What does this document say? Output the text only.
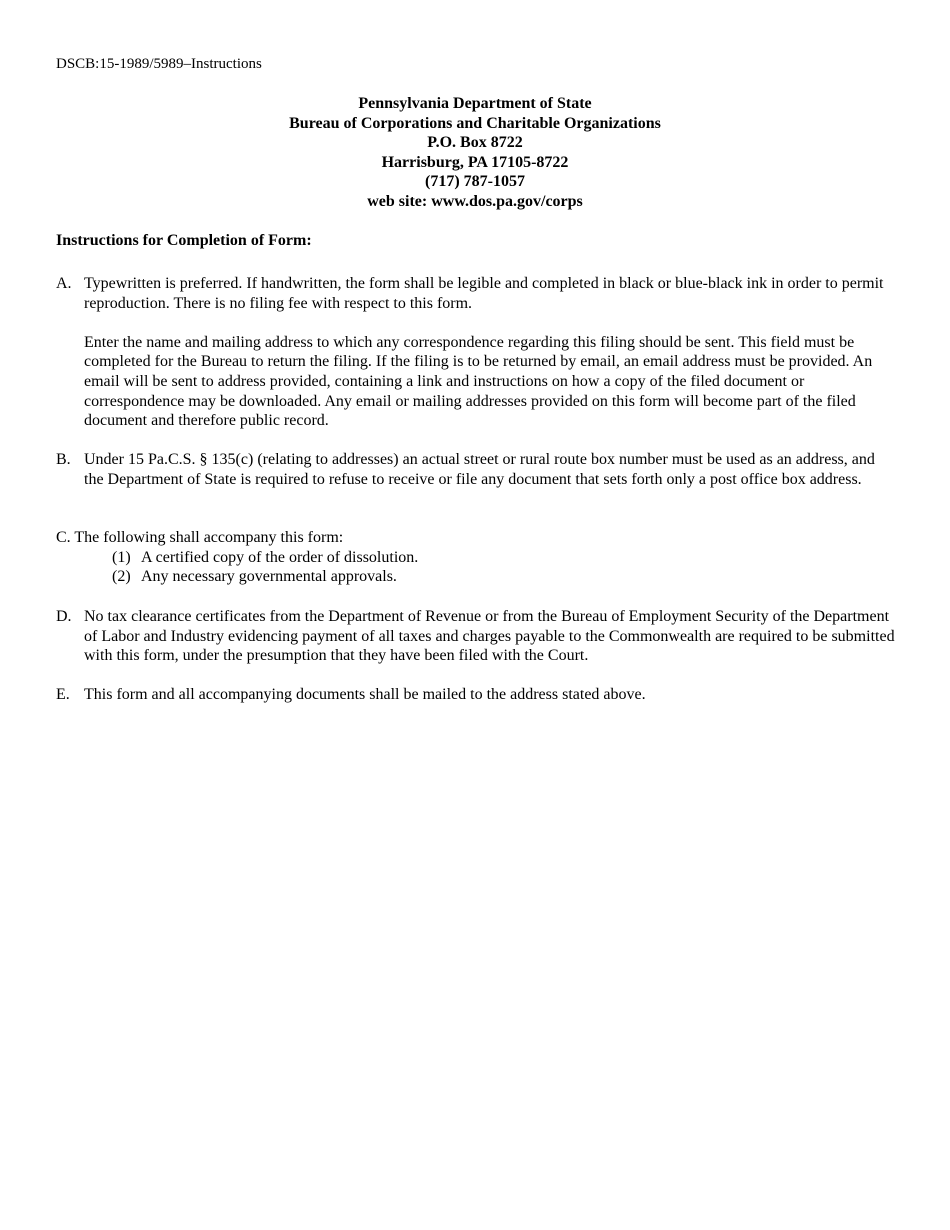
DSCB:15-1989/5989–Instructions
Pennsylvania Department of State
Bureau of Corporations and Charitable Organizations
P.O. Box 8722
Harrisburg, PA 17105-8722
(717) 787-1057
web site: www.dos.pa.gov/corps
Instructions for Completion of Form:
A. Typewritten is preferred. If handwritten, the form shall be legible and completed in black or blue-black ink in order to permit reproduction. There is no filing fee with respect to this form.
Enter the name and mailing address to which any correspondence regarding this filing should be sent. This field must be completed for the Bureau to return the filing. If the filing is to be returned by email, an email address must be provided. An email will be sent to address provided, containing a link and instructions on how a copy of the filed document or correspondence may be downloaded. Any email or mailing addresses provided on this form will become part of the filed document and therefore public record.
B. Under 15 Pa.C.S. § 135(c) (relating to addresses) an actual street or rural route box number must be used as an address, and the Department of State is required to refuse to receive or file any document that sets forth only a post office box address.
C. The following shall accompany this form:
(1) A certified copy of the order of dissolution.
(2) Any necessary governmental approvals.
D. No tax clearance certificates from the Department of Revenue or from the Bureau of Employment Security of the Department of Labor and Industry evidencing payment of all taxes and charges payable to the Commonwealth are required to be submitted with this form, under the presumption that they have been filed with the Court.
E. This form and all accompanying documents shall be mailed to the address stated above.
